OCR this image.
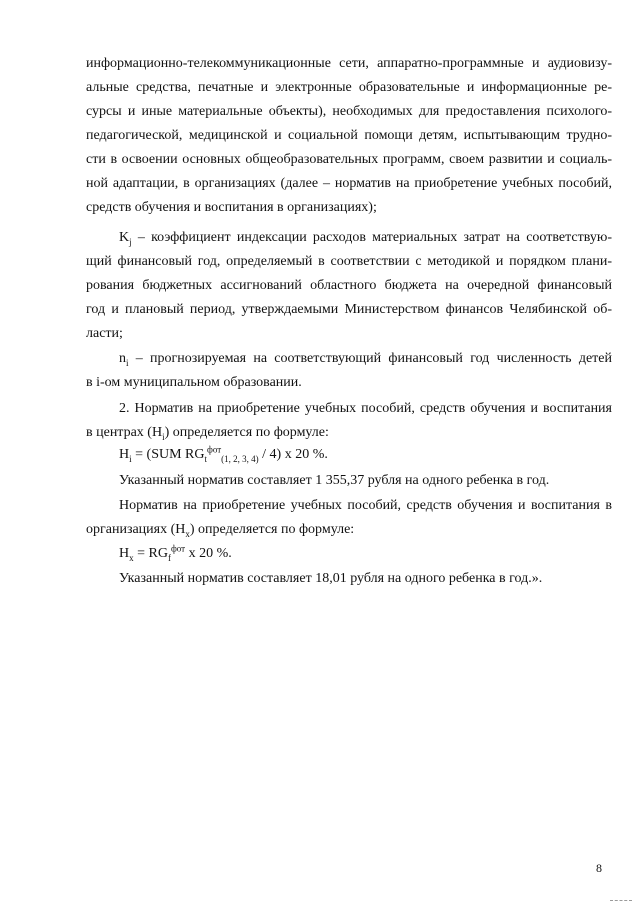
информационно-телекоммуникационные сети, аппаратно-программные и аудиовизу-
альные средства, печатные и электронные образовательные и информационные ре-
сурсы и иные материальные объекты), необходимых для предоставления психолого-
педагогической, медицинской и социальной помощи детям, испытывающим трудно-
сти в освоении основных общеобразовательных программ, своем развитии и социаль-
ной адаптации, в организациях (далее – норматив на приобретение учебных пособий,
средств обучения и воспитания в организациях);
$K_j$ – коэффициент индексации расходов материальных затрат на соответствую-
щий финансовый год, определяемый в соответствии с методикой и порядком плани-
рования бюджетных ассигнований областного бюджета на очередной финансовый
год и плановый период, утверждаемыми Министерством финансов Челябинской об-
ласти;
$n_i$ – прогнозируемая на соответствующий финансовый год численность детей
в i-ом муниципальном образовании.
2. Норматив на приобретение учебных пособий, средств обучения и воспитания
в центрах $(H_i)$ определяется по формуле:
$H_i = (SUM$ $RG_t^{фот}_{(1, 2, 3, 4)} / 4$) x 20 %.
Указанный норматив составляет 1 355,37 рубля на одного ребенка в год.
Норматив на приобретение учебных пособий, средств обучения и воспитания в
организациях $(H_x)$ определяется по формуле:
$H_x = RG_f^{фот}$ x 20 %.
Указанный норматив составляет 18,01 рубля на одного ребенка в год.».
8
